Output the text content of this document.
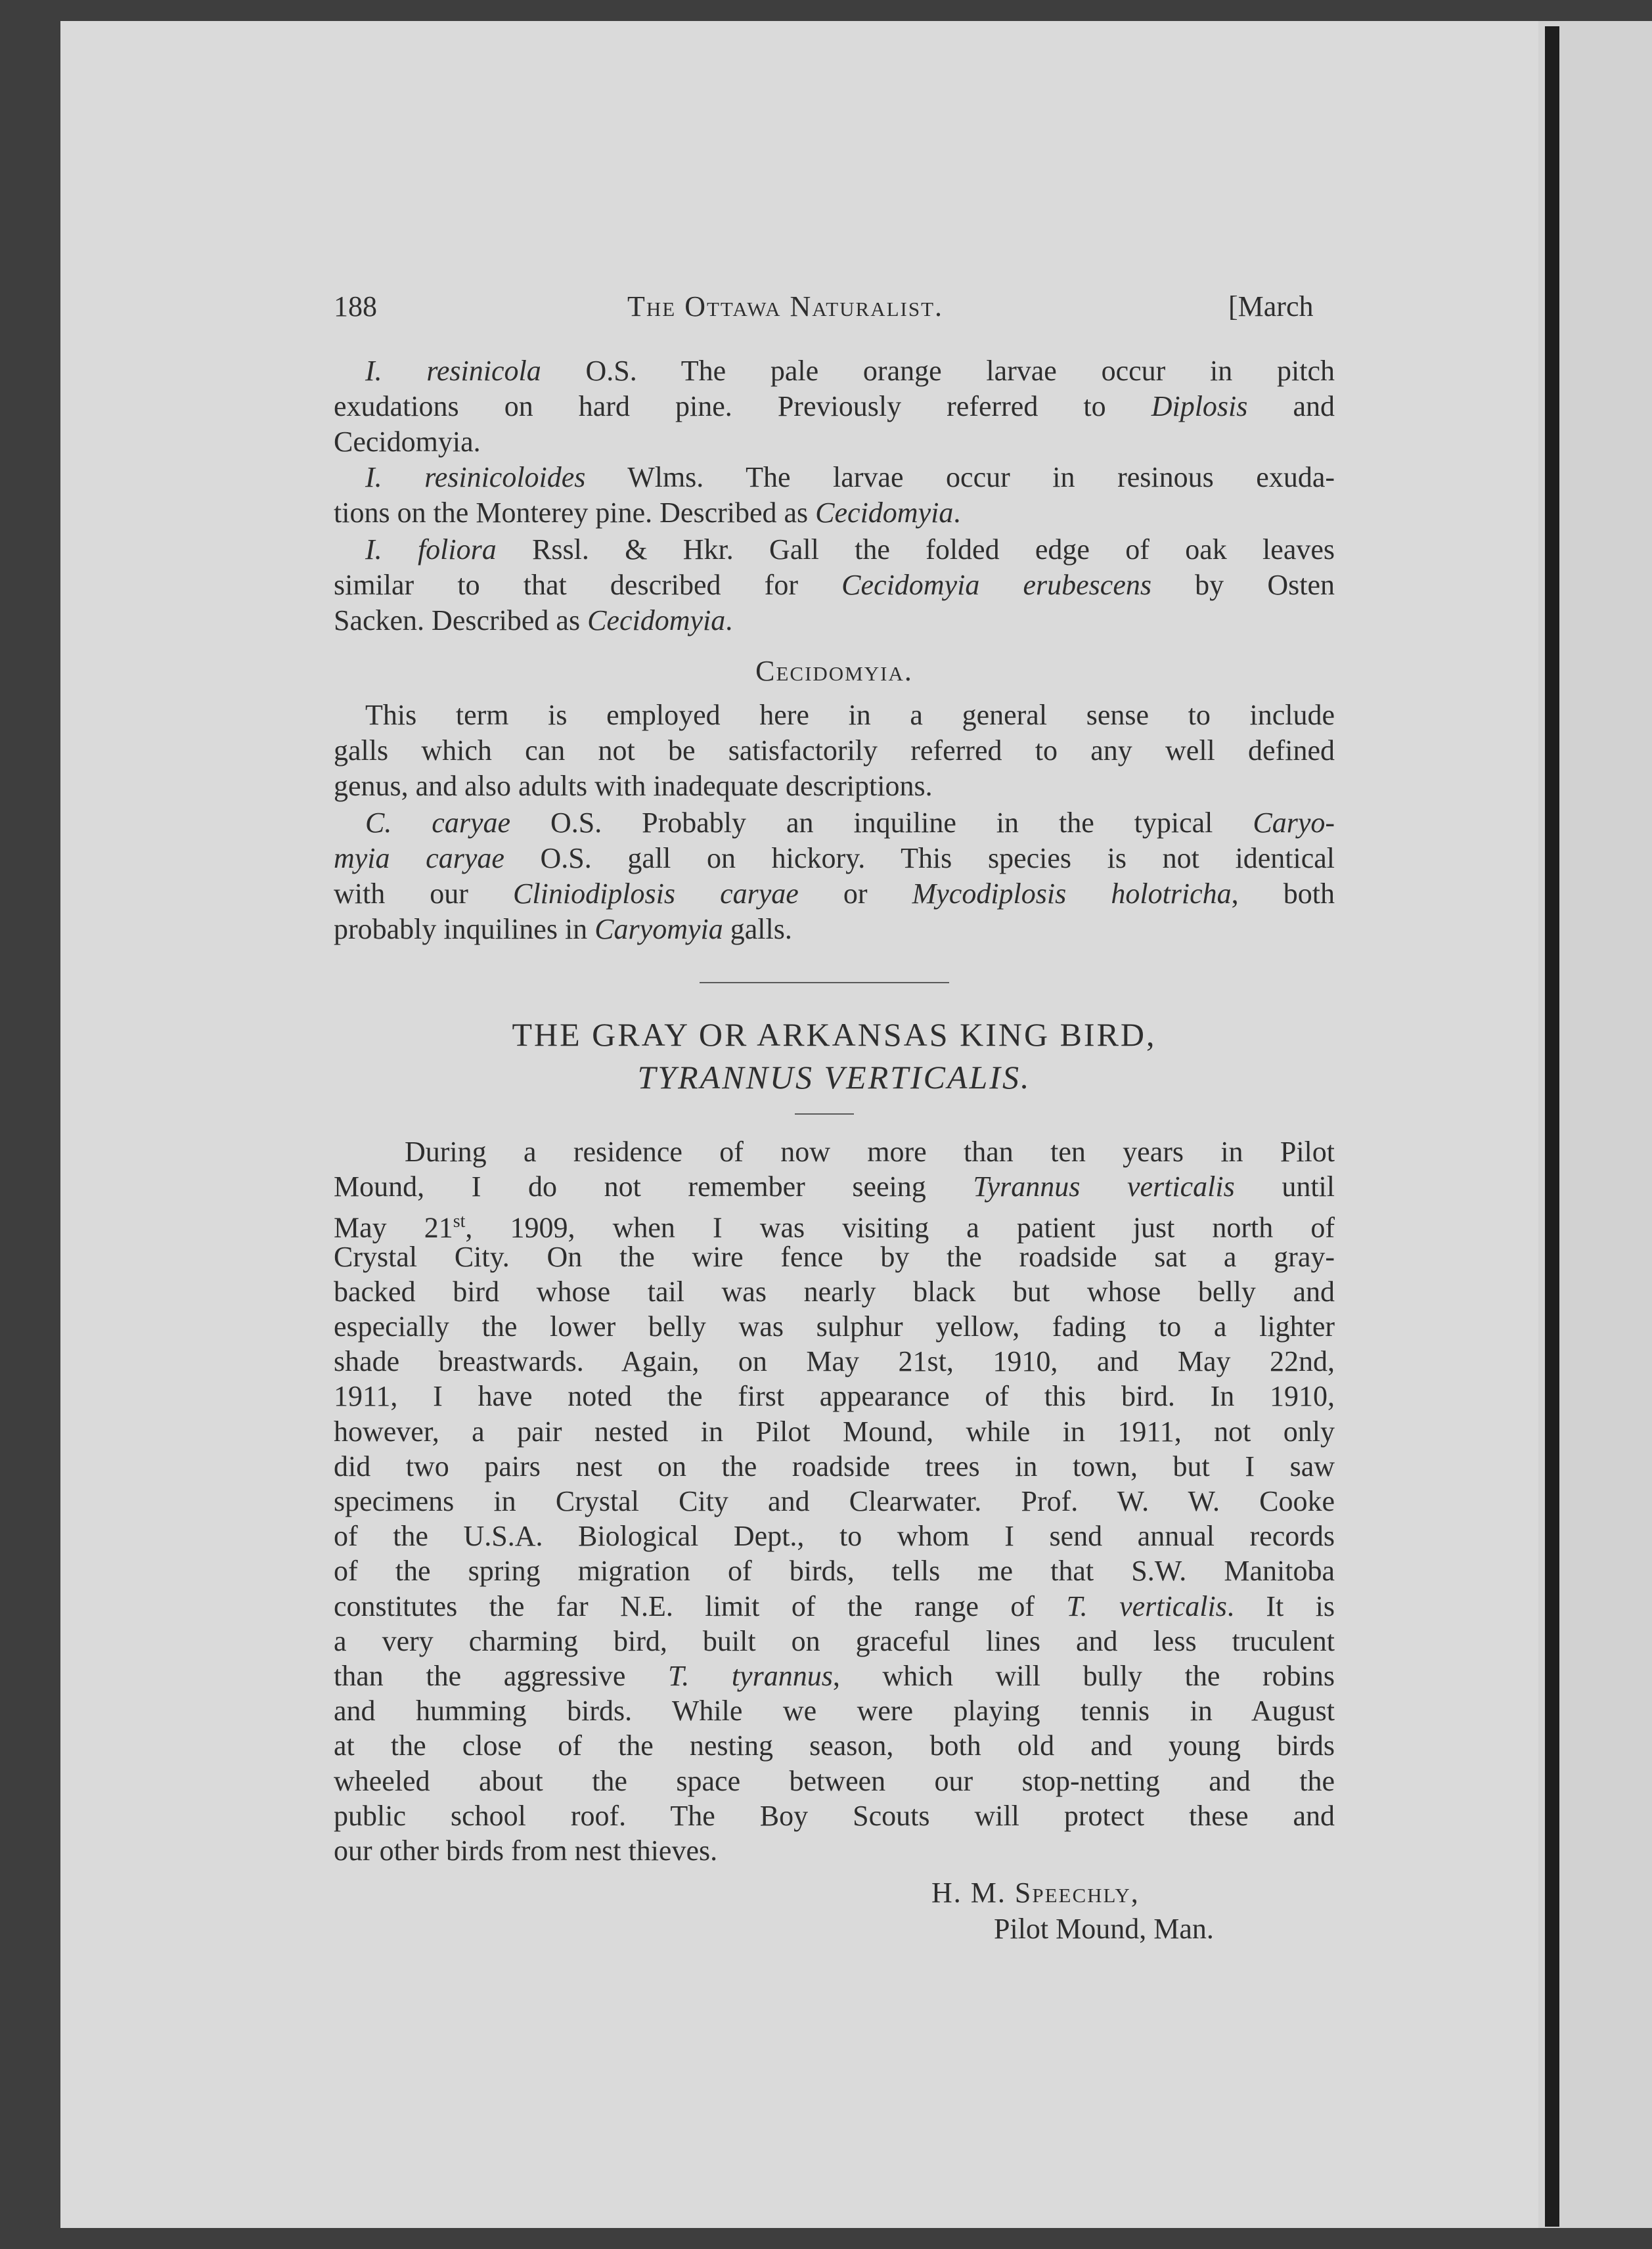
188	The Ottawa Naturalist.	[March
I. resinicola O.S. The pale orange larvae occur in pitch
exudations on hard pine. Previously referred to Diplosis and
Cecidomyia.
I. resinicoloides Wlms. The larvae occur in resinous exuda-
tions on the Monterey pine. Described as Cecidomyia.
I. foliora Rssl. & Hkr. Gall the folded edge of oak leaves
similar to that described for Cecidomyia erubescens by Osten
Sacken. Described as Cecidomyia.
Cecidomyia.
This term is employed here in a general sense to include
galls which can not be satisfactorily referred to any well defined
genus, and also adults with inadequate descriptions.
C. caryae O.S. Probably an inquiline in the typical Caryo-
myia caryae O.S. gall on hickory. This species is not identical
with our Cliniodiplosis caryae or Mycodiplosis holotricha, both
probably inquilines in Caryomyia galls.
THE GRAY OR ARKANSAS KING BIRD,
TYRANNUS VERTICALIS.
During a residence of now more than ten years in Pilot
Mound, I do not remember seeing Tyrannus verticalis until
May 21st, 1909, when I was visiting a patient just north of
Crystal City. On the wire fence by the roadside sat a gray-
backed bird whose tail was nearly black but whose belly and
especially the lower belly was sulphur yellow, fading to a lighter
shade breastwards. Again, on May 21st, 1910, and May 22nd,
1911, I have noted the first appearance of this bird. In 1910,
however, a pair nested in Pilot Mound, while in 1911, not only
did two pairs nest on the roadside trees in town, but I saw
specimens in Crystal City and Clearwater. Prof. W. W. Cooke
of the U.S.A. Biological Dept., to whom I send annual records
of the spring migration of birds, tells me that S.W. Manitoba
constitutes the far N.E. limit of the range of T. verticalis. It is
a very charming bird, built on graceful lines and less truculent
than the aggressive T. tyrannus, which will bully the robins
and humming birds. While we were playing tennis in August
at the close of the nesting season, both old and young birds
wheeled about the space between our stop-netting and the
public school roof. The Boy Scouts will protect these and
our other birds from nest thieves.
H. M. Speechly,
Pilot Mound, Man.
